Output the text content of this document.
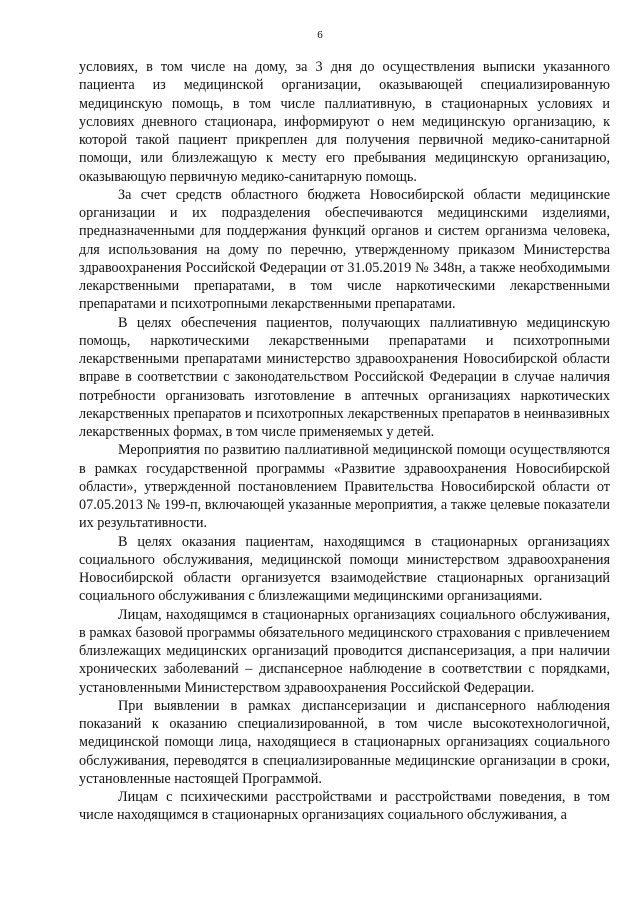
6

условиях, в том числе на дому, за 3 дня до осуществления выписки указанного пациента из медицинской организации, оказывающей специализированную медицинскую помощь, в том числе паллиативную, в стационарных условиях и условиях дневного стационара, информируют о нем медицинскую организацию, к которой такой пациент прикреплен для получения первичной медико-санитарной помощи, или близлежащую к месту его пребывания медицинскую организацию, оказывающую первичную медико-санитарную помощь.

За счет средств областного бюджета Новосибирской области медицинские организации и их подразделения обеспечиваются медицинскими изделиями, предназначенными для поддержания функций органов и систем организма человека, для использования на дому по перечню, утвержденному приказом Министерства здравоохранения Российской Федерации от 31.05.2019 № 348н, а также необходимыми лекарственными препаратами, в том числе наркотическими лекарственными препаратами и психотропными лекарственными препаратами.

В целях обеспечения пациентов, получающих паллиативную медицинскую помощь, наркотическими лекарственными препаратами и психотропными лекарственными препаратами министерство здравоохранения Новосибирской области вправе в соответствии с законодательством Российской Федерации в случае наличия потребности организовать изготовление в аптечных организациях наркотических лекарственных препаратов и психотропных лекарственных препаратов в неинвазивных лекарственных формах, в том числе применяемых у детей.

Мероприятия по развитию паллиативной медицинской помощи осуществляются в рамках государственной программы «Развитие здравоохранения Новосибирской области», утвержденной постановлением Правительства Новосибирской области от 07.05.2013 № 199-п, включающей указанные мероприятия, а также целевые показатели их результативности.

В целях оказания пациентам, находящимся в стационарных организациях социального обслуживания, медицинской помощи министерством здравоохранения Новосибирской области организуется взаимодействие стационарных организаций социального обслуживания с близлежащими медицинскими организациями.

Лицам, находящимся в стационарных организациях социального обслуживания, в рамках базовой программы обязательного медицинского страхования с привлечением близлежащих медицинских организаций проводится диспансеризация, а при наличии хронических заболеваний – диспансерное наблюдение в соответствии с порядками, установленными Министерством здравоохранения Российской Федерации.

При выявлении в рамках диспансеризации и диспансерного наблюдения показаний к оказанию специализированной, в том числе высокотехнологичной, медицинской помощи лица, находящиеся в стационарных организациях социального обслуживания, переводятся в специализированные медицинские организации в сроки, установленные настоящей Программой.

Лицам с психическими расстройствами и расстройствами поведения, в том числе находящимся в стационарных организациях социального обслуживания, а
